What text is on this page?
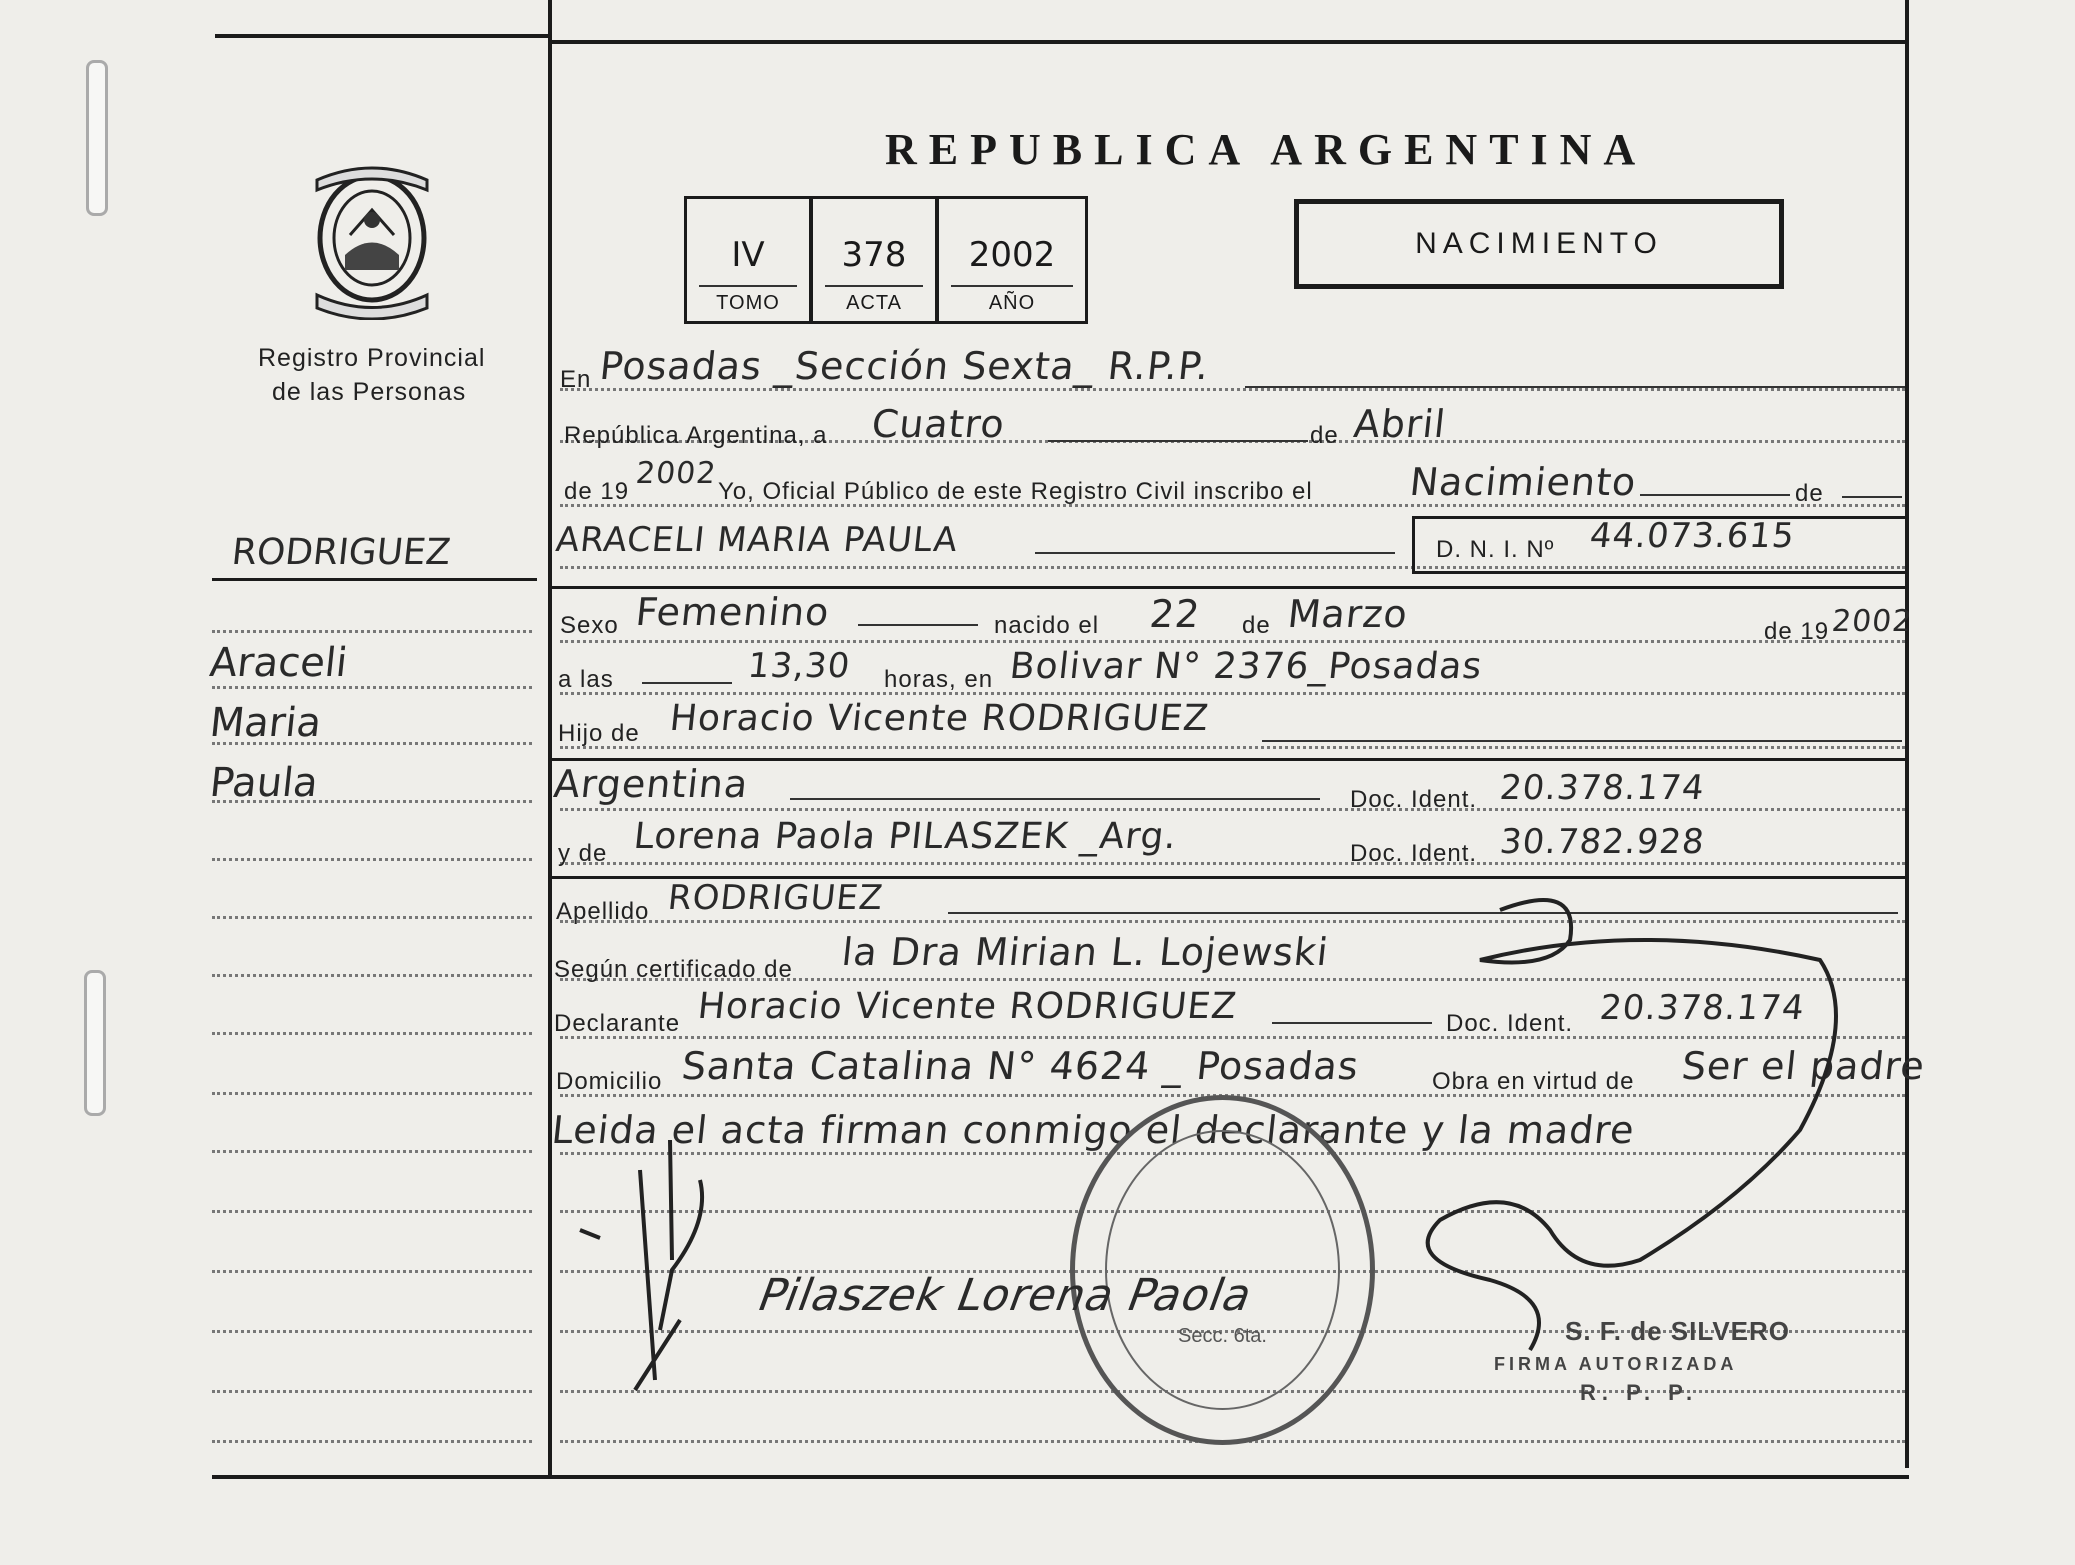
Registro Provincial
de las Personas
REPUBLICA ARGENTINA
NACIMIENTO
IV
TOMO
378
ACTA
2002
AÑO
RODRIGUEZ
Araceli
Maria
Paula
En Posadas _Sección Sexta_ R.P.P.
República Argentina, a Cuatro	de Abril
de 19
2002
Yo, Oficial Público de este Registro Civil inscribo el Nacimiento	de
ARACELI MARIA PAULA	D. N. I. Nº 44.073.615
Sexo Femenino	nacido el 22 de Marzo	de 19 2002
a las	13,30 horas, en Bolivar N° 2376_Posadas
Hijo de Horacio Vicente RODRIGUEZ
Argentina	Doc. Ident. 20.378.174
y de Lorena Paola PILASZEK _Arg.	Doc. Ident. 30.782.928
Apellido RODRIGUEZ
Según certificado de la Dra Mirian L. Lojewski
Declarante Horacio Vicente RODRIGUEZ	Doc. Ident. 20.378.174
Domicilio Santa Catalina N° 4624 _ Posadas	Obra en virtud de Ser el padre
Leida el acta firman conmigo el declarante y la madre
Secc. 6ta.
Pilaszek Lorena Paola
S. F. de SILVERO
FIRMA AUTORIZADA
R. P. P.
